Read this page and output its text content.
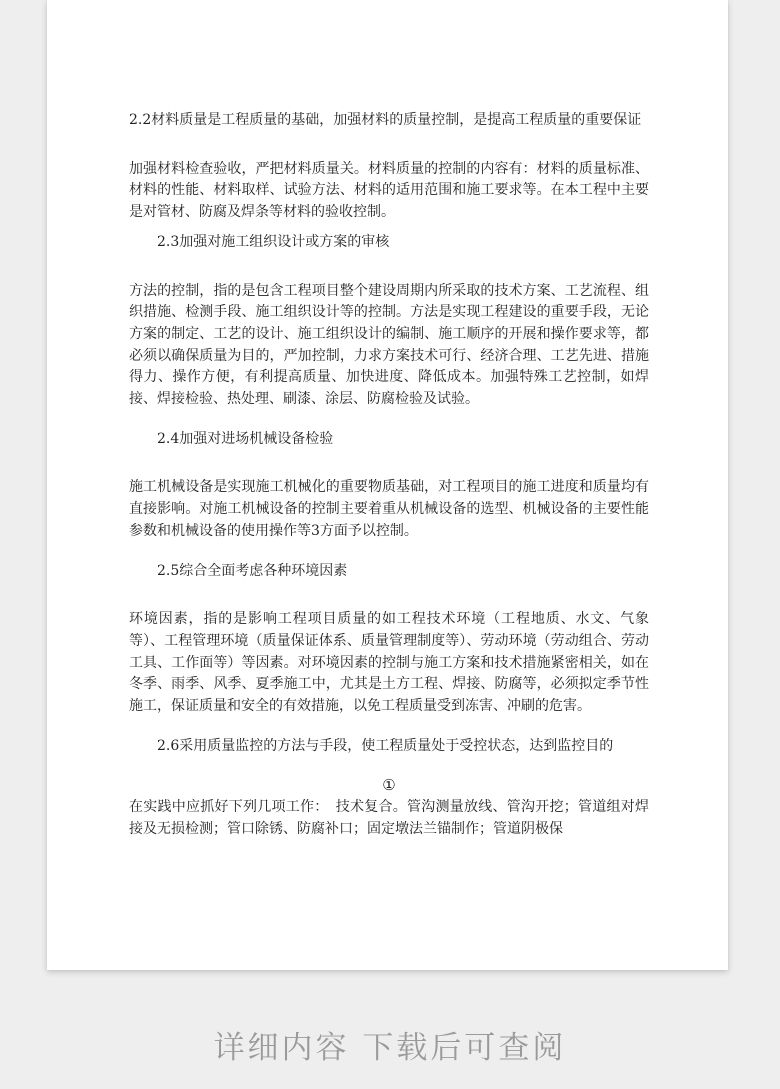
2.2材料质量是工程质量的基础，加强材料的质量控制，是提高工程质量的重要保证

加强材料检查验收，严把材料质量关。材料质量的控制的内容有：材料的质量标准、材料的性能、材料取样、试验方法、材料的适用范围和施工要求等。在本工程中主要是对管材、防腐及焊条等材料的验收控制。

2.3加强对施工组织设计或方案的审核

方法的控制，指的是包含工程项目整个建设周期内所采取的技术方案、工艺流程、组织措施、检测手段、施工组织设计等的控制。方法是实现工程建设的重要手段，无论方案的制定、工艺的设计、施工组织设计的编制、施工顺序的开展和操作要求等，都必须以确保质量为目的，严加控制，力求方案技术可行、经济合理、工艺先进、措施得力、操作方便，有利提高质量、加快进度、降低成本。加强特殊工艺控制，如焊接、焊接检验、热处理、刷漆、涂层、防腐检验及试验。

2.4加强对进场机械设备检验

施工机械设备是实现施工机械化的重要物质基础，对工程项目的施工进度和质量均有直接影响。对施工机械设备的控制主要着重从机械设备的选型、机械设备的主要性能参数和机械设备的使用操作等3方面予以控制。

2.5综合全面考虑各种环境因素

环境因素，指的是影响工程项目质量的如工程技术环境（工程地质、水文、气象等）、工程管理环境（质量保证体系、质量管理制度等）、劳动环境（劳动组合、劳动工具、工作面等）等因素。对环境因素的控制与施工方案和技术措施紧密相关，如在冬季、雨季、风季、夏季施工中，尤其是土方工程、焊接、防腐等，必须拟定季节性施工，保证质量和安全的有效措施，以免工程质量受到冻害、冲刷的危害。

2.6采用质量监控的方法与手段，使工程质量处于受控状态，达到监控目的

①

在实践中应抓好下列几项工作：　技术复合。管沟测量放线、管沟开挖；管道组对焊接及无损检测；管口除锈、防腐补口；固定墩法兰锚制作；管道阴极保

详细内容 下载后可查阅
